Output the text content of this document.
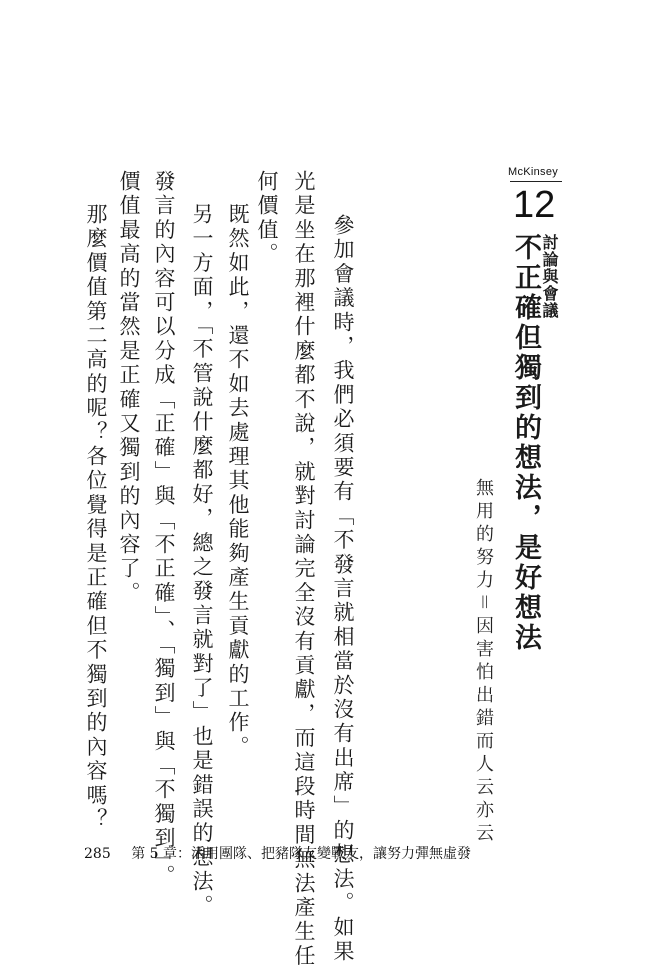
McKinsey
12
討論與會議
不正確但獨到的想法，是好想法
無用的努力＝因害怕出錯而人云亦云
參加會議時，我們必須要有「不發言就相當於沒有出席」的想法。如果
光是坐在那裡什麼都不說，就對討論完全沒有貢獻，而這段時間無法產生任
何價值。
既然如此，還不如去處理其他能夠產生貢獻的工作。
另一方面，「不管說什麼都好，總之發言就對了」也是錯誤的想法。
發言的內容可以分成「正確」與「不正確」、「獨到」與「不獨到」。
價值最高的當然是正確又獨到的內容了。
那麼價值第二高的呢？各位覺得是正確但不獨到的內容嗎？
285 第 5 章：活用團隊、把豬隊友變戰友，讓努力彈無虛發
